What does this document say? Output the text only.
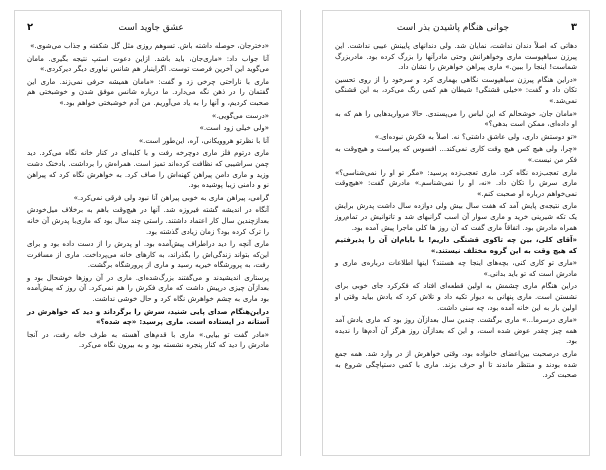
عشق جاوید است
۲

«دخترجان، حوصله داشته باش. تسوهم روزی مثل گل شکفته و جذاب می‌شوی.»

آنا جواب داد: «ماری‌جان، باید باشد. ازاین دعوت استپ نتیجه بگیری. مامان می‌گوید این آخرین فرصت توست. اگراینبار هم شانس نیاوری دیگر دیرکردی.»

ماری با ناراحتی چرخی زد و گفت: «مامان همیشه حرفی نمی‌زند. ماری این گفتمان را در ذهن نگه می‌دارد. ما درباره شانس موفق شدن و خوشبختی هم صحبت کردیم، و آنها را به یاد می‌آوریم. من آدم خوشبختی خواهم بود.»

«درست می‌گویی.»

«ولی خیلی زود است.»

آنا با نظرتو هروویکانی، آره، این‌طور است.»

ماری درتوم فلز ماری دوچرخه رفت و با کلبه‌ای در کنار خانه نگاه می‌کرد. دید چمن سراشیبی که نظافت کرده‌اند تمیز است. همراه‌ش را برداشت. بادخنک دشت وزید و ماری دامن پیراهن کهنه‌اش را صاف کرد. به خواهرش نگاه کرد که پیراهن نو و دامنی زیبا پوشیده بود.

گرامی، پیراهن ماری به خوبی پیراهن آنا نبود ولی فرقی نمی‌کرد.»

آنگاه در اندیشه گشته فیروزه شد. آنها در هیچ‌وقت باهم به برخلاف میل‌خودش بعدازچندین سال کار اعتماد داشتند. راستی چند سال بود که ماری‌با پدرش آن خانه را ترک کرده بود؟ زمان زیادی گذشته بود.

ماری آنچه را دید دراطراف پیش‌آمده بود. او پدرش را از دست داده بود و برای این‌که بتواند زندگی‌اش را بگذراند، به کارهای خانه می‌پرداخت. ماری از مسافرت رفت، به پرورشگاه خیریه رسید و ماری از پرورشگاه برگشت.

پرستاری اندیشیدند و می‌گفتند بزرگ‌شده‌ای. ماری در آن روزها خوشحال بود و بعدازآن چیزی درپیش داشت که ماری فکرش را هم نمی‌کرد. آن روز که پیش‌آمده بود ماری به چشم خواهرش نگاه کرد و حال خوشی نداشت.

دراین‌هنگام صدای پایی شنید، سرش را برگرداند و دید که خواهرش در آستانه در ایستاده است. ماری پرسید: «چه شده؟»

«مادر گفت تو بیایی.» ماری با قدم‌های آهسته به طرف خانه رفت، در آنجا مادرش را دید که کنار پنجره نشسته بود و به بیرون نگاه می‌کرد.

۳
جوانی هنگام پاشیدن بذر است

دهاتی که اصلاً دندان نداشت، نمایان شد. ولی دندانهای پایینش عیبی نداشت. این پیرزن سیاهپوست ماری وخواهرانش وحتی مادرآنها را بزرگ کرده بود. مادربزرگ شماست! اینجا را ببین.» ماری پیراهن خواهرش را نشان داد.

«دراین هنگام پیرزن سیاهپوست نگاهی بهماری کرد و سرخود را از روی تحسین تکان داد و گفت: «خیلی قشنگی! شیطان هم کمی رنگ می‌کرد، به این قشنگی نمی‌شد.»

«مامان جان، خوشحالم که این لباس را می‌پسندی. حالا مروارید‌هایی را هم که به او داده‌ای، ممکن است بدهی؟»

«تو دوستش داری، ولی عاشق داشتی؟ نه. اصلاً به فکرش نبوده‌ای.»

«چرا، ولی هیچ کس هیچ وقت کاری نمی‌کند... افسوس که پیراست و هیچ‌وقت به فکر من نیست.»

ماری تعجب‌زده نگاه کرد. ماری تعجب‌زده پرسید: «مگر تو او را نمی‌شناسی؟» ماری سرش را تکان داد. «نه، او را نمی‌شناسم.» مادرش گفت: «هیچ‌وقت نمی‌خواهم درباره او صحبت کنم.»

ماری نتیجه‌ی پایش آمد که هفت سال بیش ولی دوازده سال داشت‌ پدرش برایش یک تکه شیرینی خرید و ماری سوار آن اسب گرانبهای شد و تاتوانیش در تمام‌روز همراه مادرش بود. اتفاقاً ماری گفت که آن روز ها کلی ماجرا پیش آمده بود.

«آقای کلی، بین چه تاکوی قشنگی داریم! با بایام‌ان آن را پذیرفتیم که هیچ وقت به این گروه مختلف نیستند.»

«ماری تو کاری کنی، بچه‌های اینجا چه هستند؟ اینها اطلاعات درباره‌ی ماری و مادرش است که تو باید بدانی.»

دراین هنگام ماری چشمش به اولین قطعه‌ای افتاد که فکرکرد جای خوبی برای نشستن است. ماری پنهانی به دیوار تکیه داد و تلاش کرد که یادش بیاید وقتی او اولین بار به این خانه آمده بود، چه سنی داشت.

«ماری درسرما...» ماری برگشت. چندین سال بعدازآن روز بود که ماری یادش آمد همه چیز چقدر عوض شده است، و این که بعدازآن روز هرگز آن آدم‌ها را ندیده بود.

ماری درصحبت بین‌اعضای خانواده بود، وقتی خواهرش از در وارد شد. همه جمع شده بودند و منتظر ماندند تا او حرف بزند. ماری با کمی دستپاچگی شروع به صحبت کرد.
